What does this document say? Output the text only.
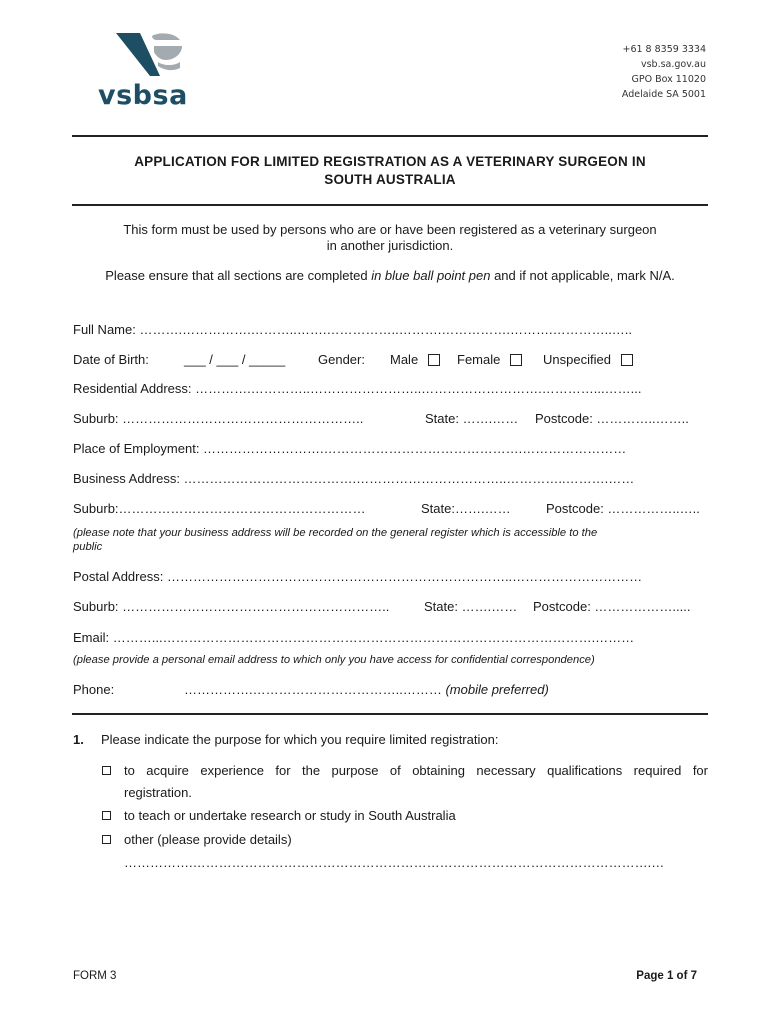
vsbsa
+61 8 8359 3334
vsb.sa.gov.au
GPO Box 11020
Adelaide SA 5001
APPLICATION FOR LIMITED REGISTRATION AS A VETERINARY SURGEON IN
SOUTH AUSTRALIA
This form must be used by persons who are or have been registered as a veterinary surgeon
in another jurisdiction.
Please ensure that all sections are completed in blue ball point pen and if not applicable, mark N/A.
Full Name: ……….…………….………..…….……………..……….…………….……….…………..…..
Date of Birth:	___ / ___ / _____	Gender: Male	Female	Unspecified
Residential Address: ………….…………..……………………..……………………….…………...……...
Suburb: ………………………………………………..	State: …….…… Postcode: …………..……..
Place of Employment: ……………………….……………………………………….……………………
Business Address: ………………………………….……………………………..…………..……….……
Suburb:…………………………………………………	State:…….……	Postcode: ……………..…..
(please note that your business address will be recorded on the general register which is accessible to the
public
Postal Address: ……………………………………………………………………..…………………………
Suburb: ……………………………………………………..	State: …….…… Postcode: ……………….....
Email: ………...……………………………………………………………………………………….………
(please provide a personal email address to which only you have access for confidential correspondence)
Phone:	…………….……………………………..……… (mobile preferred)
1. Please indicate the purpose for which you require limited registration:
to acquire experience for the purpose of obtaining necessary qualifications required for
registration.
to teach or undertake research or study in South Australia
other (please provide details)
…………….…………………………………………………………………………………………….…
FORM 3	Page 1 of 7
